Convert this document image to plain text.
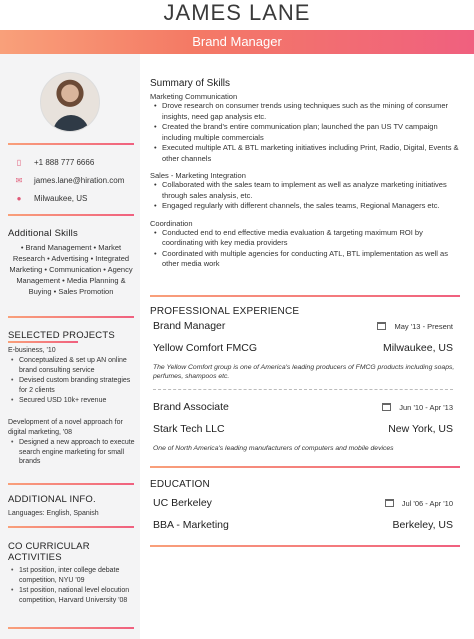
JAMES LANE
Brand Manager
▯	+1 888 777 6666
✉ james.lane@hiration.com
●	Milwaukee, US
Additional Skills
• Brand Management • Market Research • Advertising • Integrated Marketing • Communication • Agency Management • Media Planning & Buying • Sales Promotion
SELECTED PROJECTS
E-business, '10
• Conceptualized & set up AN online brand consulting service
• Devised custom branding strategies for 2 clients
• Secured USD 10k+ revenue
Development of a novel approach for digital marketing, '08
• Designed a new approach to execute search engine marketing for small brands
ADDITIONAL INFO.
Languages: English, Spanish
CO CURRICULAR ACTIVITIES
• 1st position, inter college debate competition, NYU '09
• 1st position, national level elocution competition, Harvard University '08
Summary of Skills
Marketing Communication
• Drove research on consumer trends using techniques such as the mining of consumer insights, need gap analysis etc.
• Created the brand's entire communication plan; launched the pan US TV campaign including multiple commercials
• Executed multiple ATL & BTL marketing initiatives including Print, Radio, Digital, Events & other channels
Sales - Marketing Integration
• Collaborated with the sales team to implement as well as analyze marketing initiatives through sales analysis, etc.
• Engaged regularly with different channels, the sales teams, Regional Managers etc.
Coordination
• Conducted end to end effective media evaluation & targeting maximum ROI by coordinating with key media providers
• Coordinated with multiple agencies for conducting ATL, BTL implementation as well as other media work
PROFESSIONAL EXPERIENCE
Brand Manager	May '13 - Present
Yellow Comfort FMCG	Milwaukee, US
The Yellow Comfort group is one of America's leading producers of FMCG products including soaps, perfumes, shampoos etc.
Brand Associate	Jun '10 - Apr '13
Stark Tech LLC	New York, US
One of North America's leading manufacturers of computers and mobile devices
EDUCATION
UC Berkeley	Jul '06 - Apr '10
BBA - Marketing	Berkeley, US
